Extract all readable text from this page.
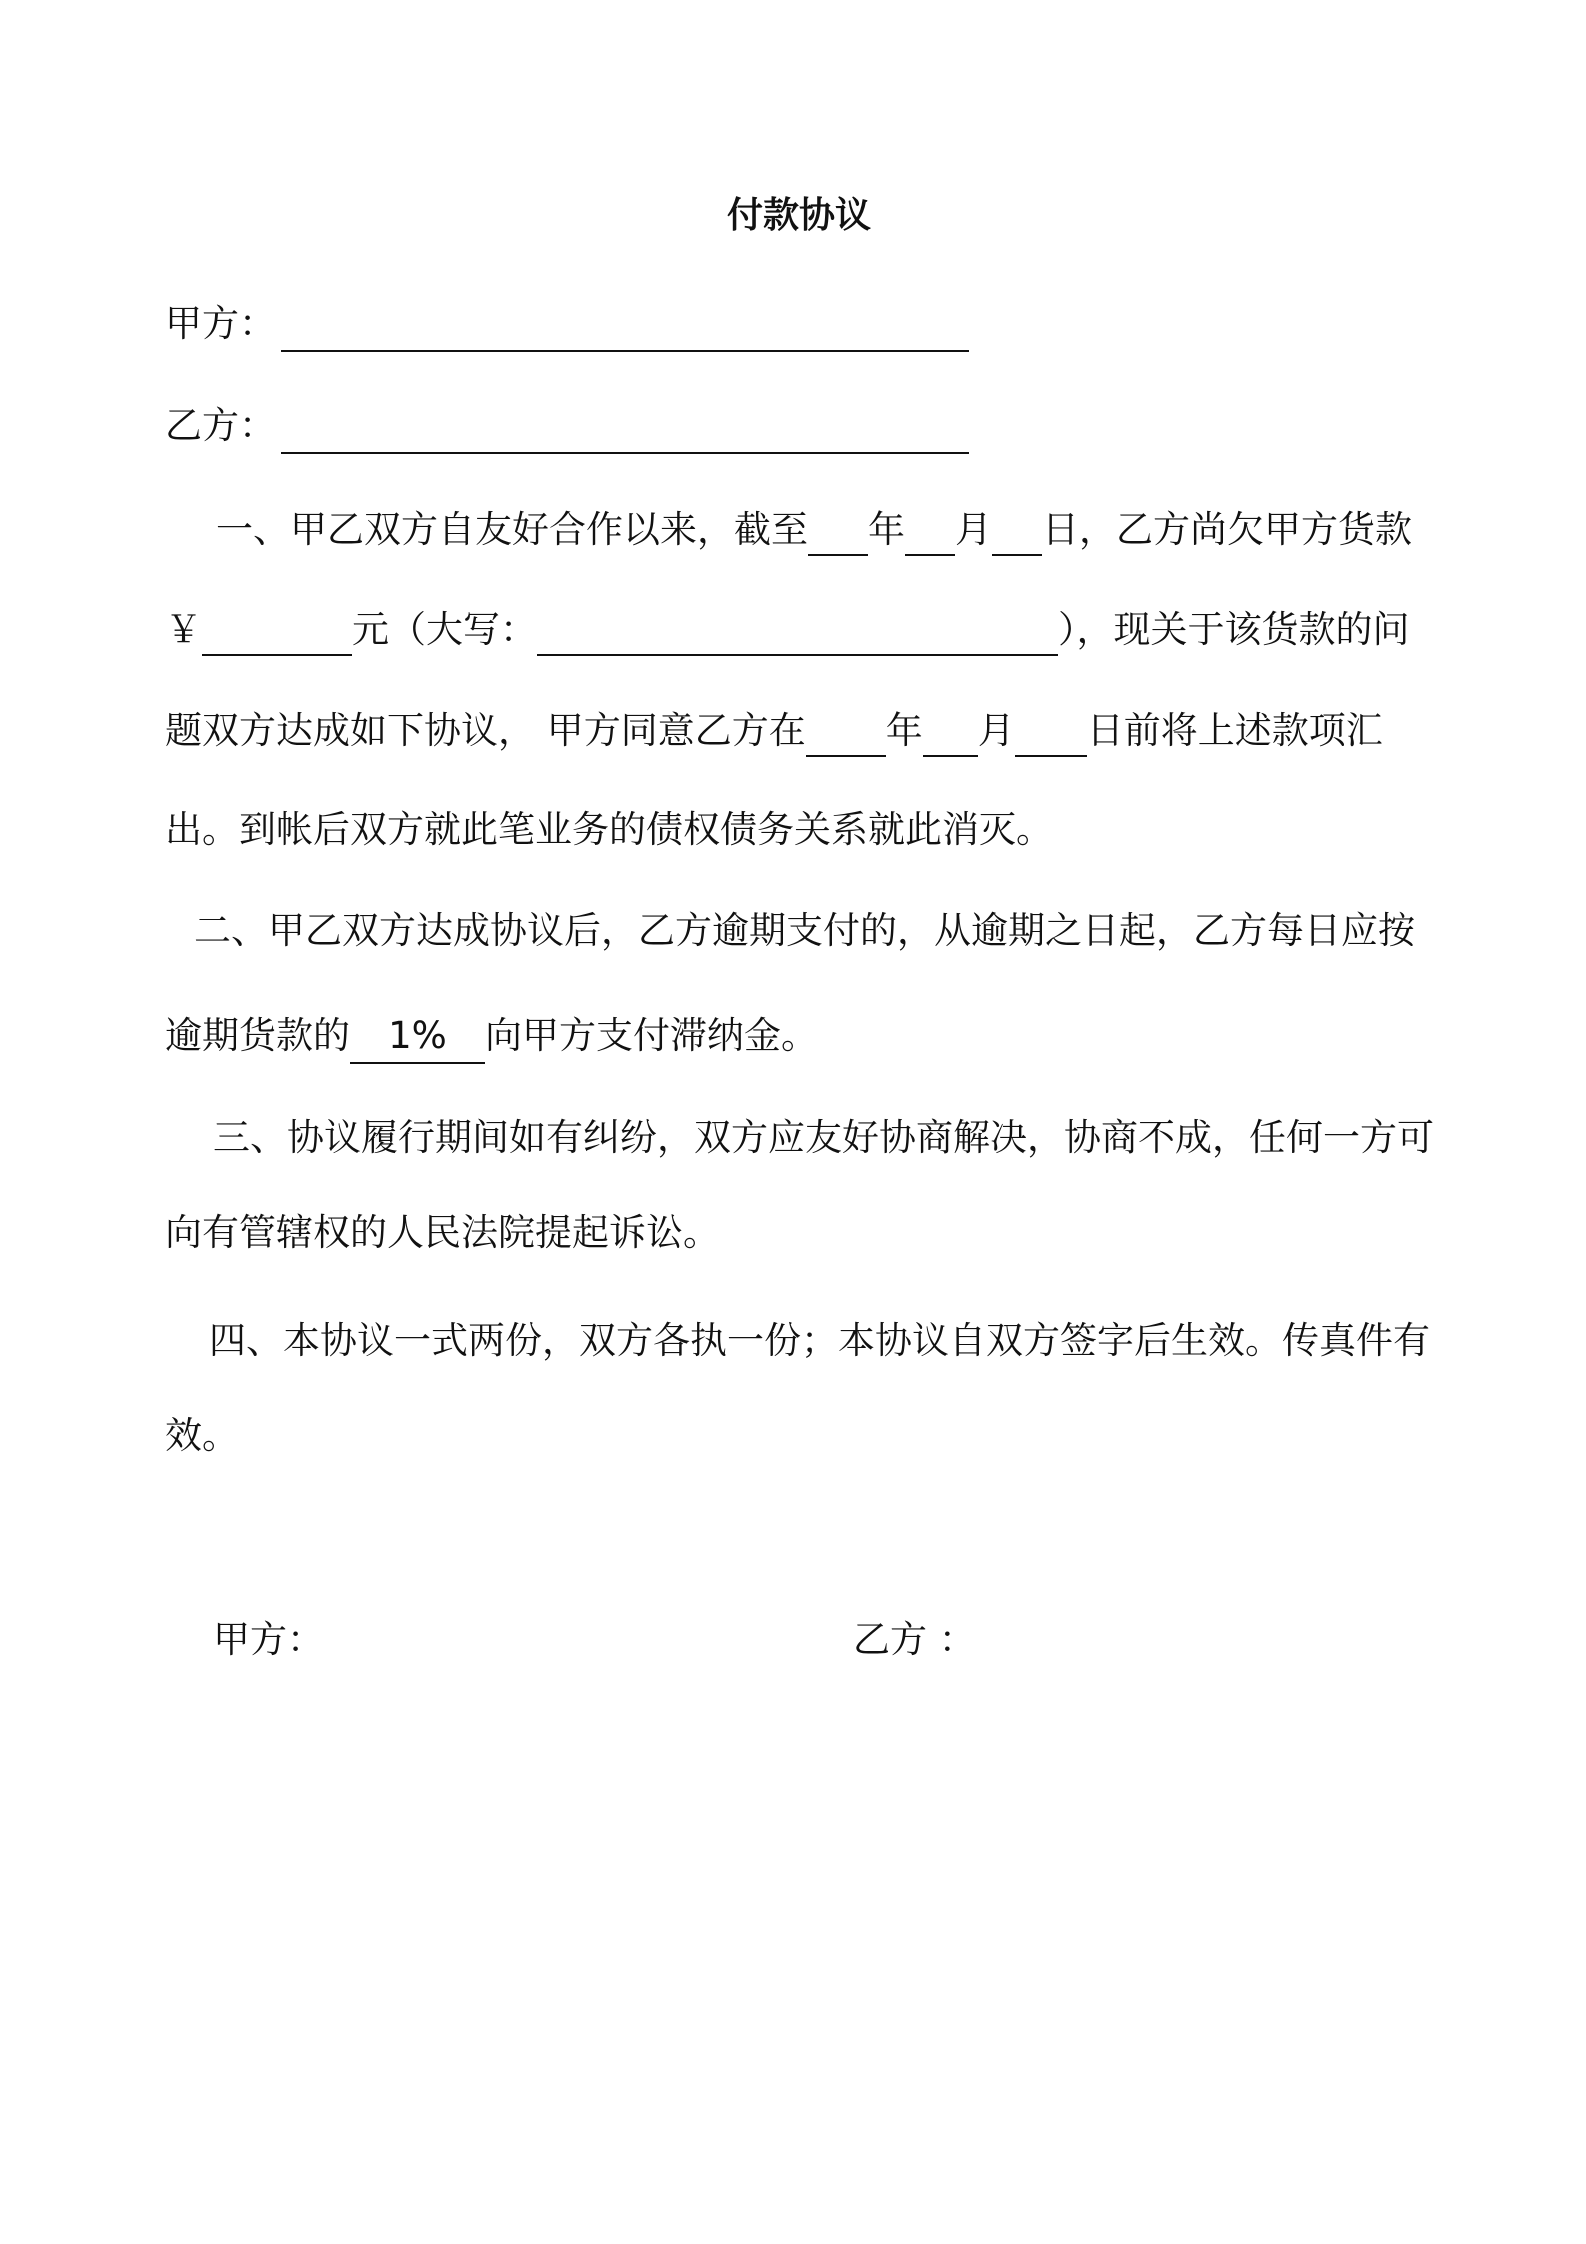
付款协议
甲方：
乙方：
一、甲乙双方自友好合作以来，截至 年 月 日，乙方尚欠甲方货款
￥	元（大写：	），现关于该货款的问
题双方达成如下协议， 甲方同意乙方在 年 月 日前将上述款项汇
出。到帐后双方就此笔业务的债权债务关系就此消灭。
二、甲乙双方达成协议后，乙方逾期支付的，从逾期之日起，乙方每日应按
逾期货款的	1%	向甲方支付滞纳金。
三、协议履行期间如有纠纷，双方应友好协商解决，协商不成，任何一方可
向有管辖权的人民法院提起诉讼。
四、本协议一式两份，双方各执一份；本协议自双方签字后生效。传真件有
效。
甲方：	乙方 ：
